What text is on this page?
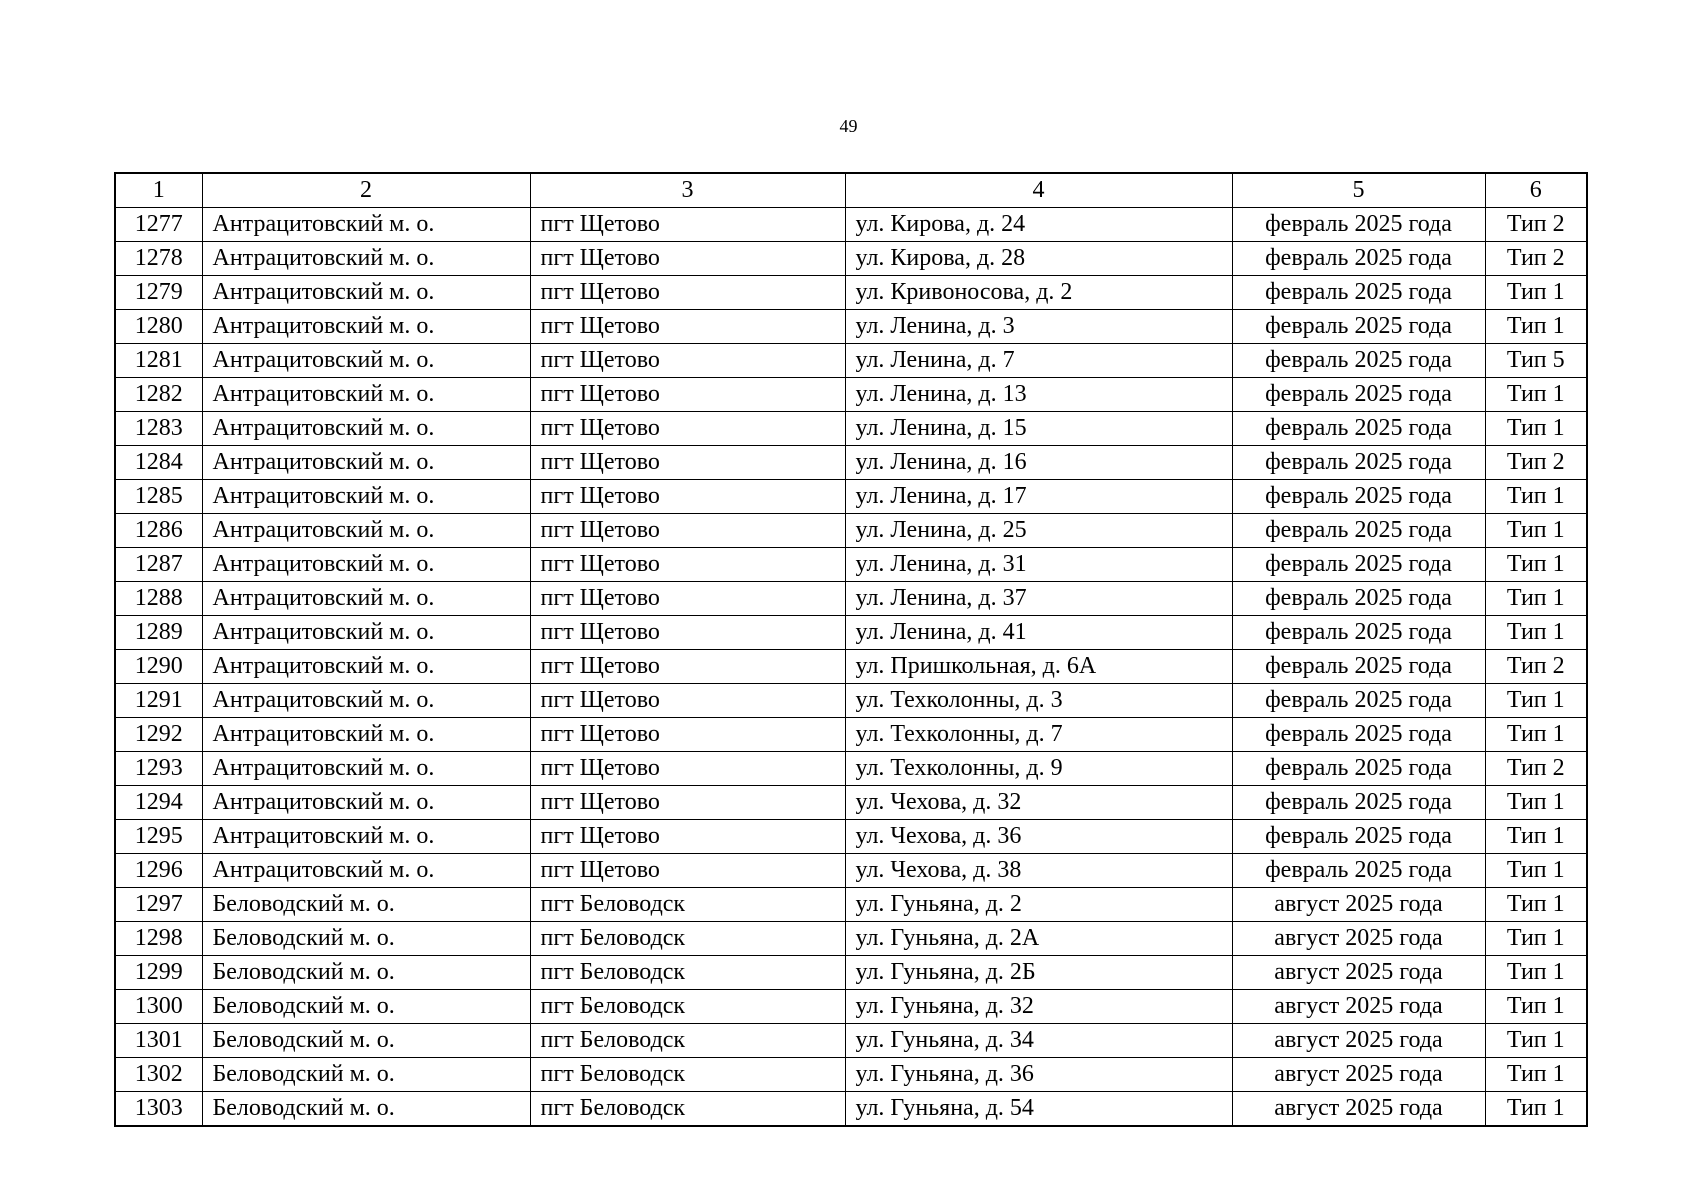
49
1	2	3	4	5	6
1277	Антрацитовский м. о.	пгт Щетово	ул. Кирова, д. 24	февраль 2025 года	Тип 2
1278	Антрацитовский м. о.	пгт Щетово	ул. Кирова, д. 28	февраль 2025 года	Тип 2
1279	Антрацитовский м. о.	пгт Щетово	ул. Кривоносова, д. 2	февраль 2025 года	Тип 1
1280	Антрацитовский м. о.	пгт Щетово	ул. Ленина, д. 3	февраль 2025 года	Тип 1
1281	Антрацитовский м. о.	пгт Щетово	ул. Ленина, д. 7	февраль 2025 года	Тип 5
1282	Антрацитовский м. о.	пгт Щетово	ул. Ленина, д. 13	февраль 2025 года	Тип 1
1283	Антрацитовский м. о.	пгт Щетово	ул. Ленина, д. 15	февраль 2025 года	Тип 1
1284	Антрацитовский м. о.	пгт Щетово	ул. Ленина, д. 16	февраль 2025 года	Тип 2
1285	Антрацитовский м. о.	пгт Щетово	ул. Ленина, д. 17	февраль 2025 года	Тип 1
1286	Антрацитовский м. о.	пгт Щетово	ул. Ленина, д. 25	февраль 2025 года	Тип 1
1287	Антрацитовский м. о.	пгт Щетово	ул. Ленина, д. 31	февраль 2025 года	Тип 1
1288	Антрацитовский м. о.	пгт Щетово	ул. Ленина, д. 37	февраль 2025 года	Тип 1
1289	Антрацитовский м. о.	пгт Щетово	ул. Ленина, д. 41	февраль 2025 года	Тип 1
1290	Антрацитовский м. о.	пгт Щетово	ул. Пришкольная, д. 6А	февраль 2025 года	Тип 2
1291	Антрацитовский м. о.	пгт Щетово	ул. Техколонны, д. 3	февраль 2025 года	Тип 1
1292	Антрацитовский м. о.	пгт Щетово	ул. Техколонны, д. 7	февраль 2025 года	Тип 1
1293	Антрацитовский м. о.	пгт Щетово	ул. Техколонны, д. 9	февраль 2025 года	Тип 2
1294	Антрацитовский м. о.	пгт Щетово	ул. Чехова, д. 32	февраль 2025 года	Тип 1
1295	Антрацитовский м. о.	пгт Щетово	ул. Чехова, д. 36	февраль 2025 года	Тип 1
1296	Антрацитовский м. о.	пгт Щетово	ул. Чехова, д. 38	февраль 2025 года	Тип 1
1297	Беловодский м. о.	пгт Беловодск	ул. Гуньяна, д. 2	август 2025 года	Тип 1
1298	Беловодский м. о.	пгт Беловодск	ул. Гуньяна, д. 2А	август 2025 года	Тип 1
1299	Беловодский м. о.	пгт Беловодск	ул. Гуньяна, д. 2Б	август 2025 года	Тип 1
1300	Беловодский м. о.	пгт Беловодск	ул. Гуньяна, д. 32	август 2025 года	Тип 1
1301	Беловодский м. о.	пгт Беловодск	ул. Гуньяна, д. 34	август 2025 года	Тип 1
1302	Беловодский м. о.	пгт Беловодск	ул. Гуньяна, д. 36	август 2025 года	Тип 1
1303	Беловодский м. о.	пгт Беловодск	ул. Гуньяна, д. 54	август 2025 года	Тип 1
